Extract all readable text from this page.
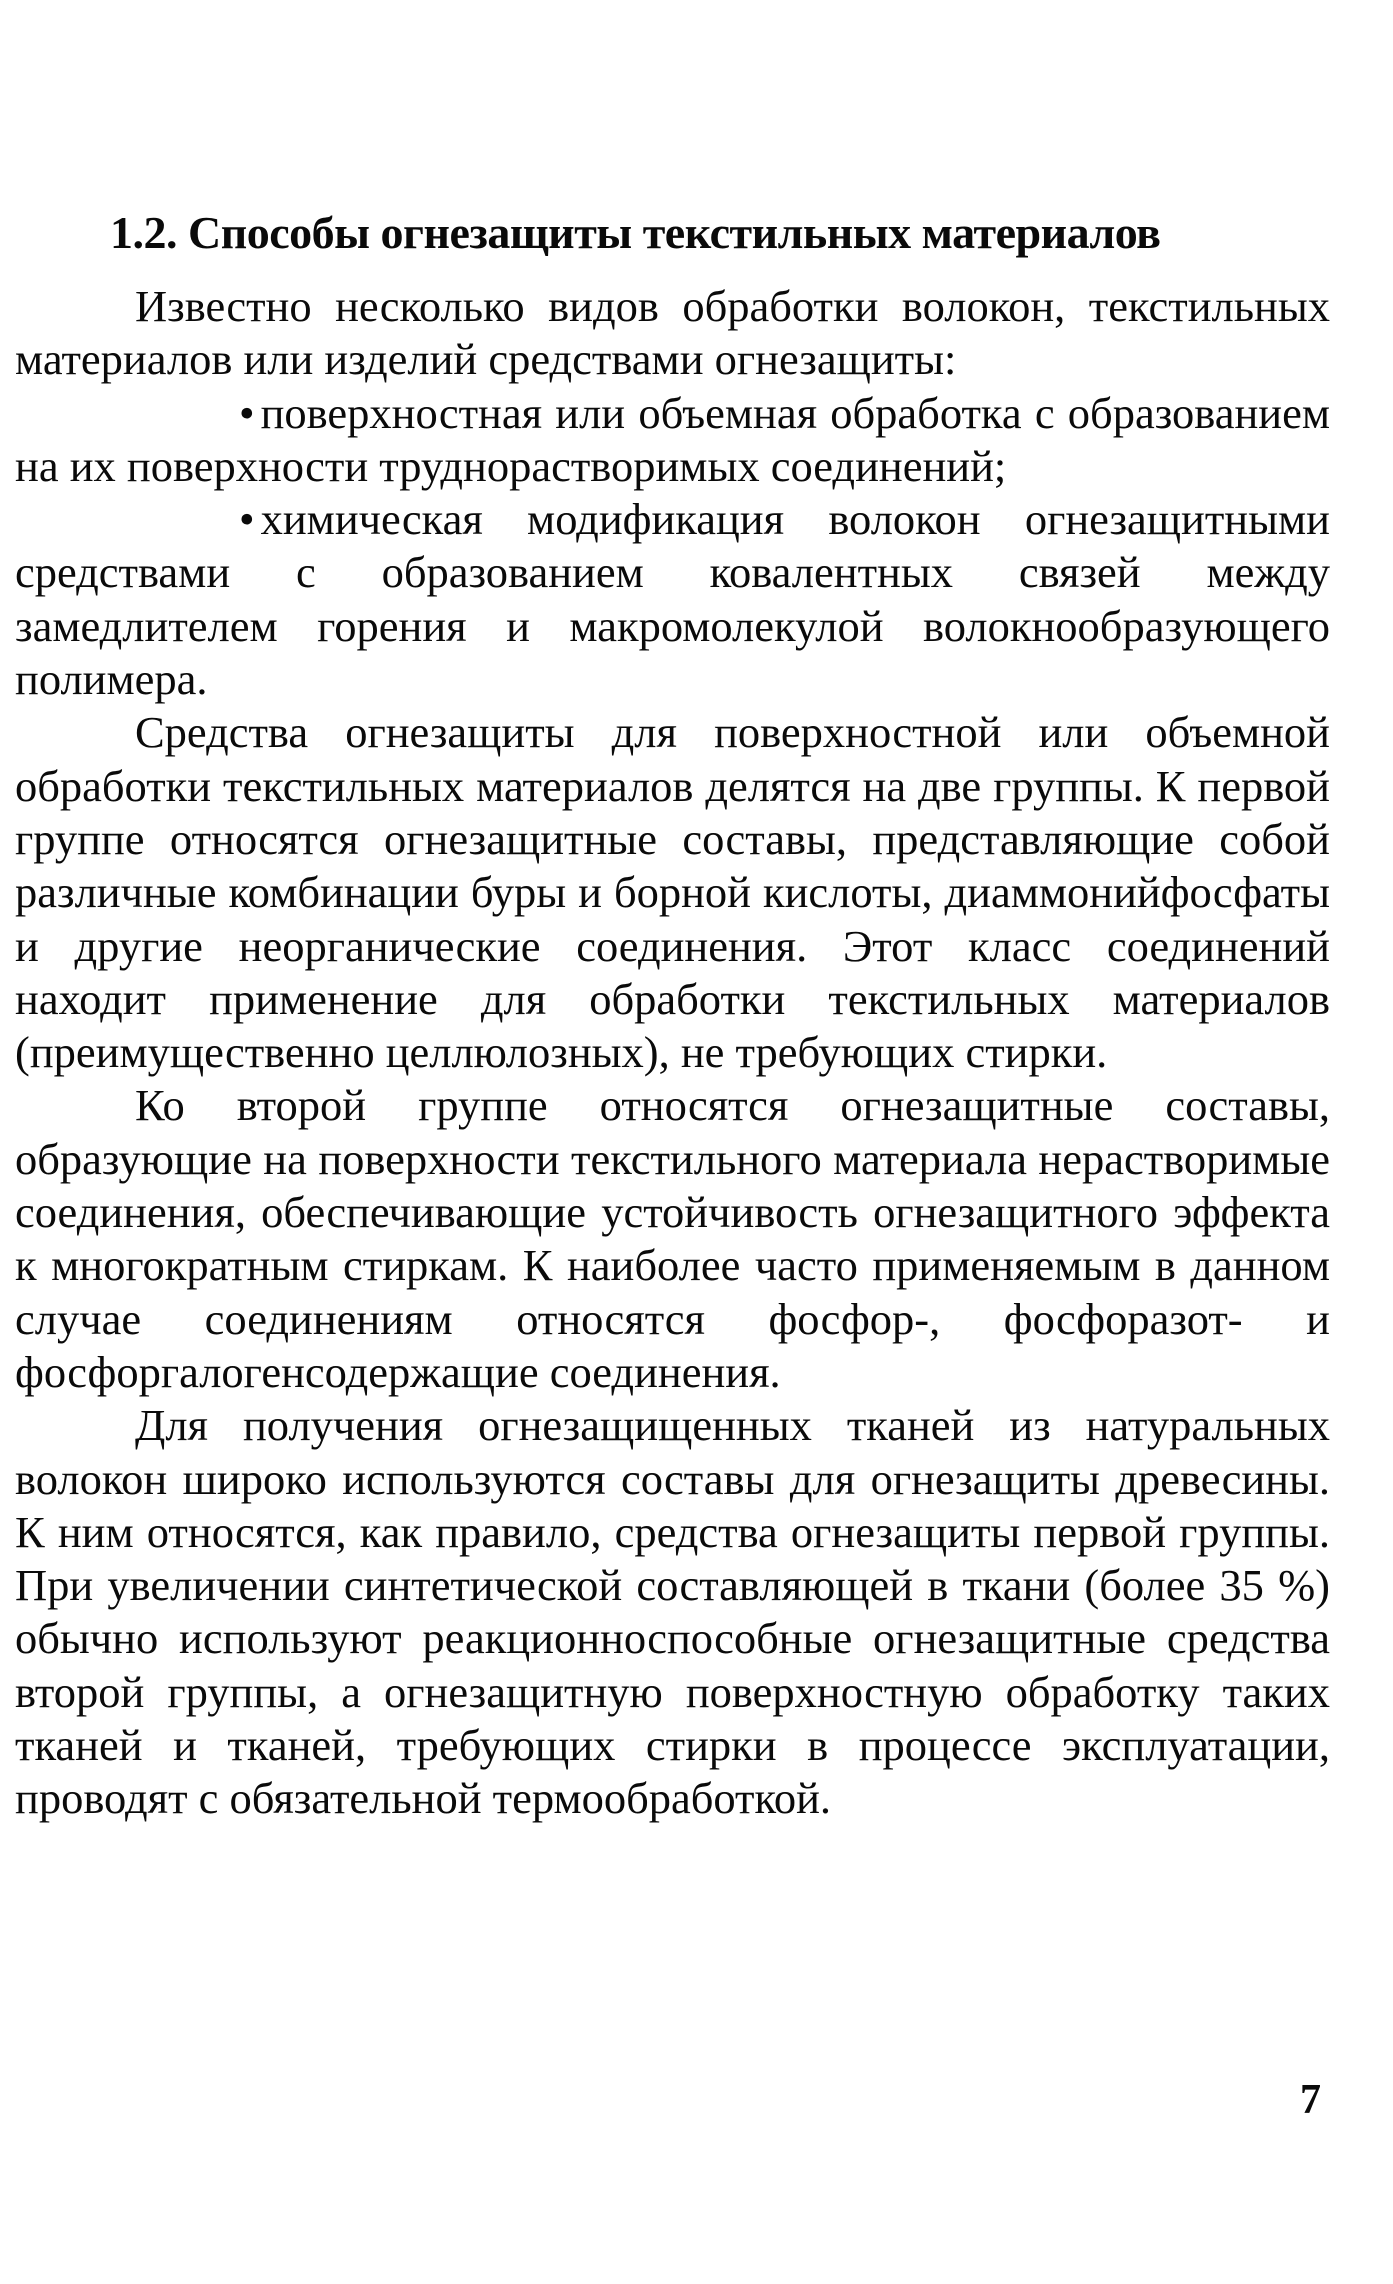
1.2. Способы огнезащиты текстильных материалов

Известно несколько видов обработки волокон, текстильных материалов или изделий средствами огнезащиты:

• поверхностная или объемная обработка с образованием на их поверхности труднорастворимых соединений;

• химическая модификация волокон огнезащитными средствами с образованием ковалентных связей между замедлителем горения и макромолекулой волокнообразующего полимера.

Средства огнезащиты для поверхностной или объемной обработки текстильных материалов делятся на две группы. К первой группе относятся огнезащитные составы, представляющие собой различные комбинации буры и борной кислоты, диаммонийфосфаты и другие неорганические соединения. Этот класс соединений находит применение для обработки текстильных материалов (преимущественно целлюлозных), не требующих стирки.

Ко второй группе относятся огнезащитные составы, образующие на поверхности текстильного материала нерастворимые соединения, обеспечивающие устойчивость огнезащитного эффекта к многократным стиркам. К наиболее часто применяемым в данном случае соединениям относятся фосфор-, фосфоразот- и фосфоргалогенсодержащие соединения.

Для получения огнезащищенных тканей из натуральных волокон широко используются составы для огнезащиты древесины. К ним относятся, как правило, средства огнезащиты первой группы. При увеличении синтетической составляющей в ткани (более 35 %) обычно используют реакционноспособные огнезащитные средства второй группы, а огнезащитную поверхностную обработку таких тканей и тканей, требующих стирки в процессе эксплуатации, проводят с обязательной термообработкой.

7
